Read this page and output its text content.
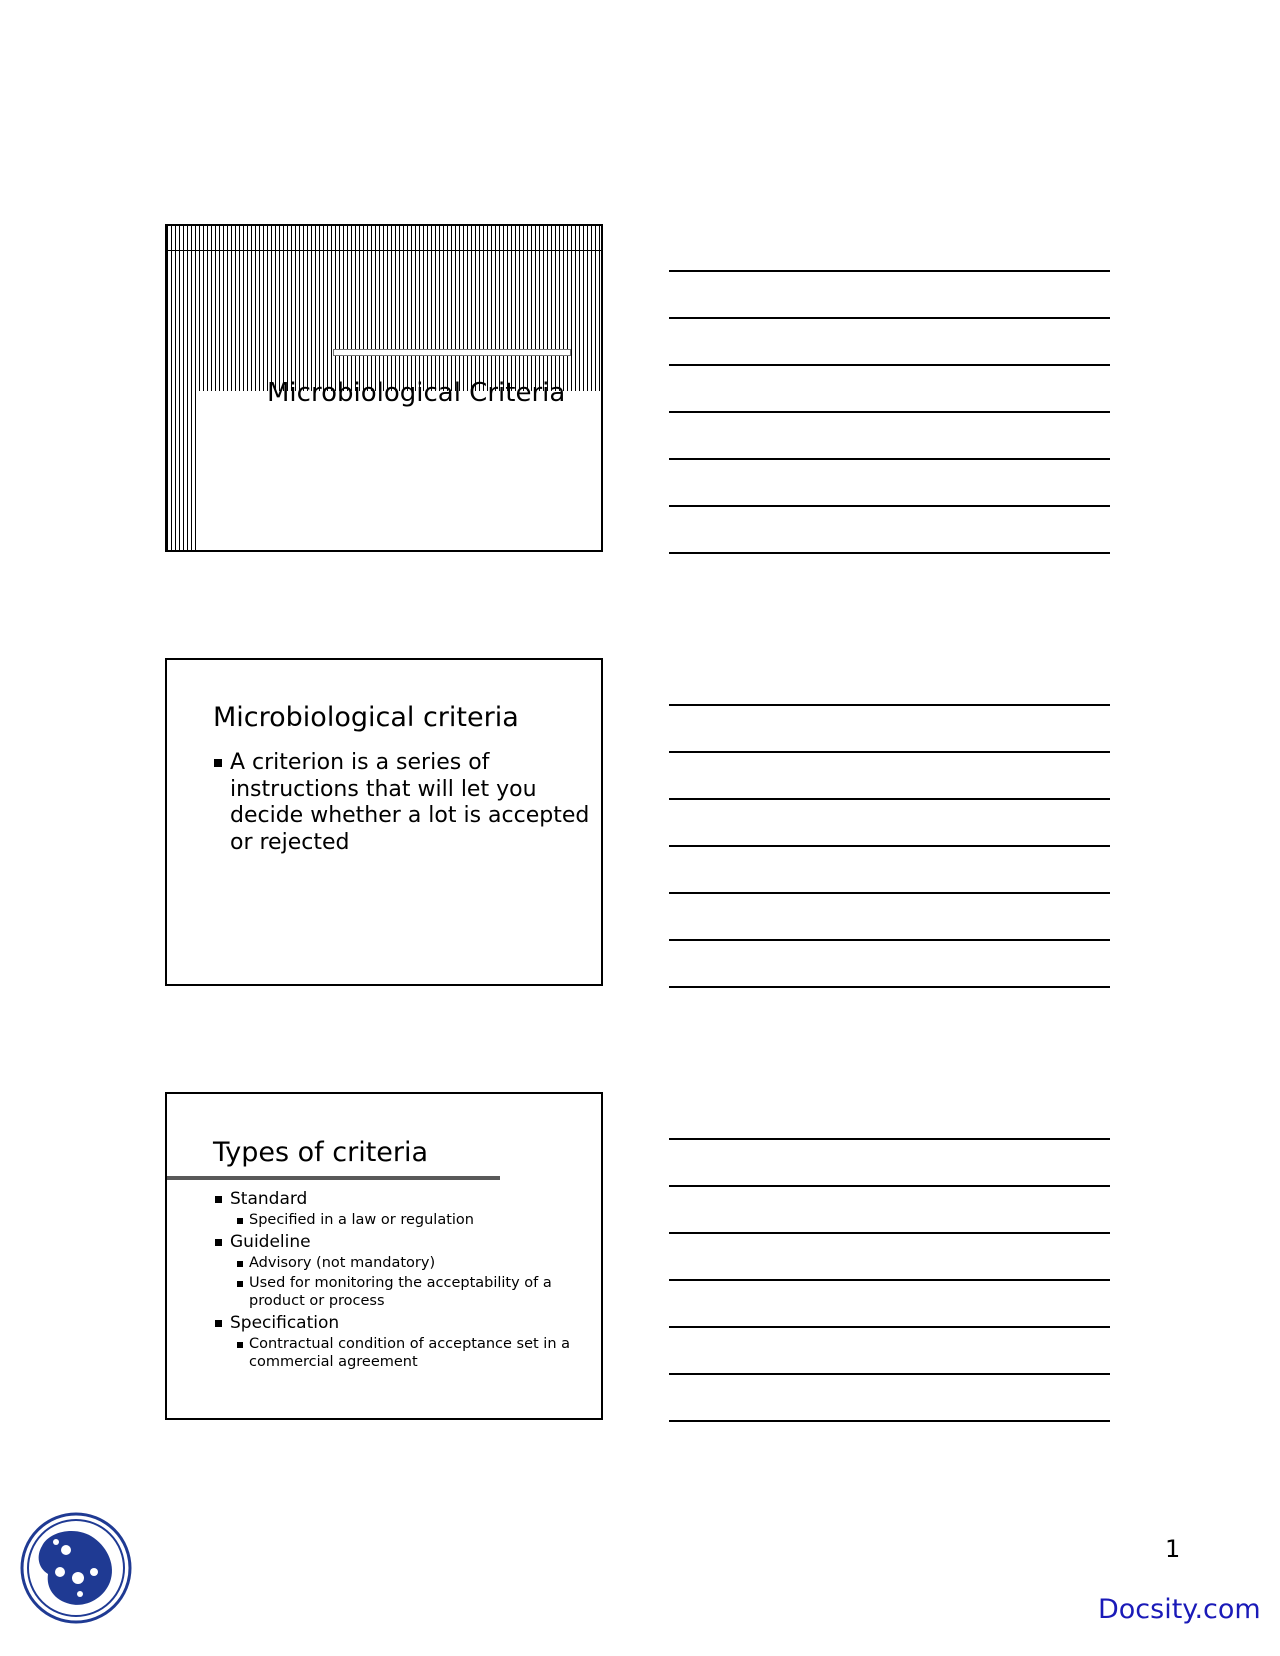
Microbiological Criteria
Microbiological criteria
A criterion is a series of instructions that will let you decide whether a lot is accepted or rejected
Types of criteria
Standard
Specified in a law or regulation
Guideline
Advisory (not mandatory)
Used for monitoring the acceptability of a product or process
Specification
Contractual condition of acceptance set in a commercial agreement
1
Docsity.com
